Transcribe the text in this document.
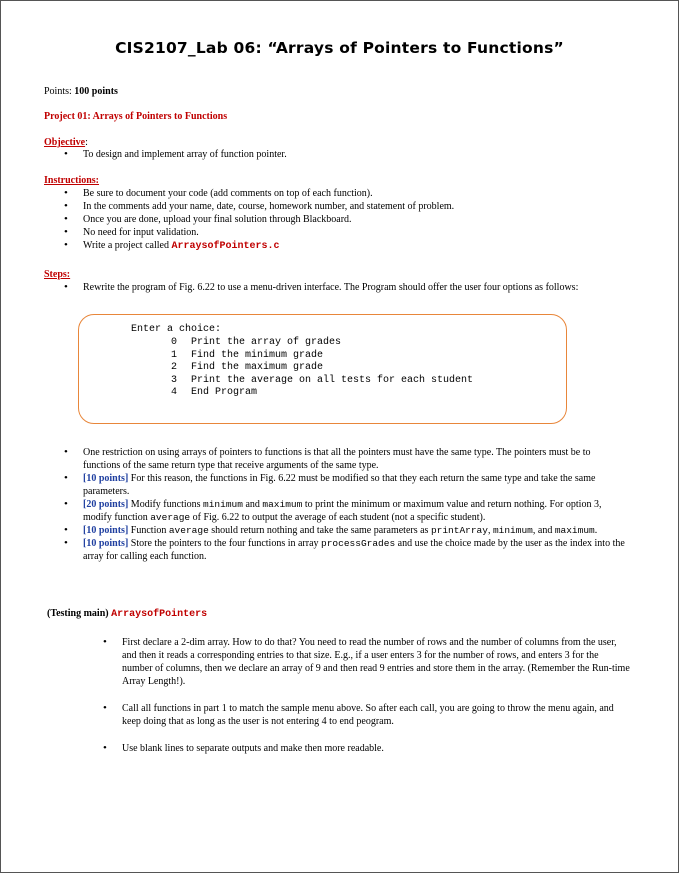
CIS2107_Lab 06: “Arrays of Pointers to Functions”
Points: 100 points
Project 01: Arrays of Pointers to Functions
Objective:
• To design and implement array of function pointer.
Instructions:
• Be sure to document your code (add comments on top of each function).
• In the comments add your name, date, course, homework number, and statement of problem.
• Once you are done, upload your final solution through Blackboard.
• No need for input validation.
• Write a project called ArraysofPointers.c
Steps:
• Rewrite the program of Fig. 6.22 to use a menu-driven interface. The Program should offer the user four options as follows:
Enter a choice:
0 Print the array of grades
1 Find the minimum grade
2 Find the maximum grade
3 Print the average on all tests for each student
4 End Program
• One restriction on using arrays of pointers to functions is that all the pointers must have the same type. The pointers must be to functions of the same return type that receive arguments of the same type.
• [10 points] For this reason, the functions in Fig. 6.22 must be modified so that they each return the same type and take the same parameters.
• [20 points] Modify functions minimum and maximum to print the minimum or maximum value and return nothing. For option 3, modify function average of Fig. 6.22 to output the average of each student (not a specific student).
• [10 points] Function average should return nothing and take the same parameters as printArray, minimum, and maximum.
• [10 points] Store the pointers to the four functions in array processGrades and use the choice made by the user as the index into the array for calling each function.
(Testing main) ArraysofPointers
• First declare a 2-dim array. How to do that? You need to read the number of rows and the number of columns from the user, and then it reads a corresponding entries to that size. E.g., if a user enters 3 for the number of rows, and enters 3 for the number of columns, then we declare an array of 9 and then read 9 entries and store them in the array. (Remember the Run-time Array Length!).
• Call all functions in part 1 to match the sample menu above. So after each call, you are going to throw the menu again, and keep doing that as long as the user is not entering 4 to end peogram.
• Use blank lines to separate outputs and make then more readable.
